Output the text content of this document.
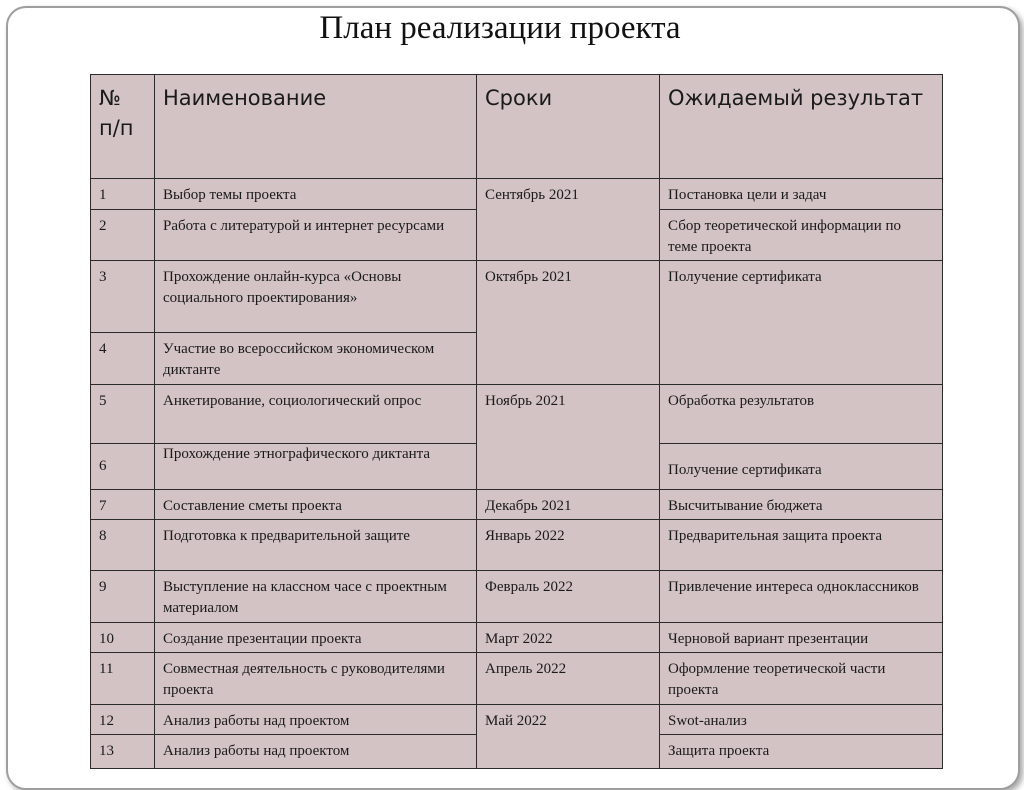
План реализации проекта
№ п/п	Наименование	Сроки	Ожидаемый результат
1	Выбор темы проекта	Сентябрь 2021	Постановка цели и задач
2	Работа с литературой и интернет ресурсами		Сбор теоретической информации по теме проекта
3	Прохождение онлайн-курса «Основы социального проектирования»	Октябрь 2021	Получение сертификата
4	Участие во всероссийском экономическом диктанте		
5	Анкетирование, социологический опрос	Ноябрь 2021	Обработка результатов
6	Прохождение этнографического диктанта		Получение сертификата
7	Составление сметы проекта	Декабрь 2021	Высчитывание бюджета
8	Подготовка к предварительной защите	Январь 2022	Предварительная защита проекта
9	Выступление на классном часе с проектным материалом	Февраль 2022	Привлечение интереса одноклассников
10	Создание презентации проекта	Март 2022	Черновой вариант презентации
11	Совместная деятельность с руководителями проекта	Апрель 2022	Оформление теоретической части проекта
12	Анализ работы над проектом	Май 2022	Swot-анализ
13	Анализ работы над проектом		Защита проекта
